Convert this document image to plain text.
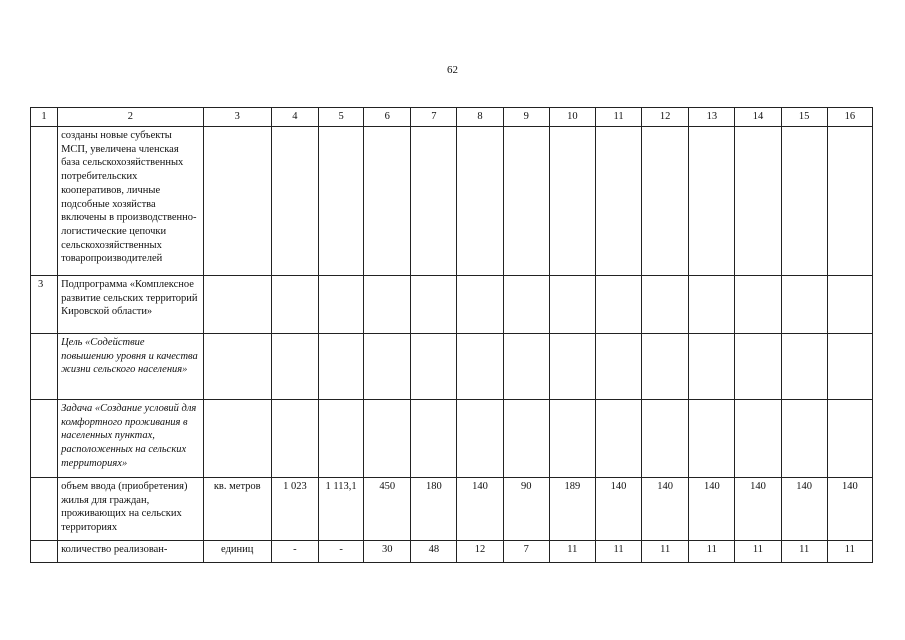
62
1	2	3	4	5	6	7	8	9	10	11	12	13	14	15	16
	созданы новые субъекты МСП, увеличена членская база сельскохозяйственных потребительских кооперативов, личные подсобные хозяйства включены в производственно-логистические цепочки сельскохозяйственных товаропроизводителей														
3	Подпрограмма «Комплексное развитие сельских территорий Кировской области»														
	Цель «Содействие повышению уровня и качества жизни сельского населения»														
	Задача «Создание условий для комфортного проживания в населенных пунктах, расположенных на сельских территориях»														
	объем ввода (приобретения) жилья для граждан, проживающих на сельских территориях	кв. метров	1 023	1 113,1	450	180	140	90	189	140	140	140	140	140	140
	количество реализован-	единиц	-	-	30	48	12	7	11	11	11	11	11	11	11
